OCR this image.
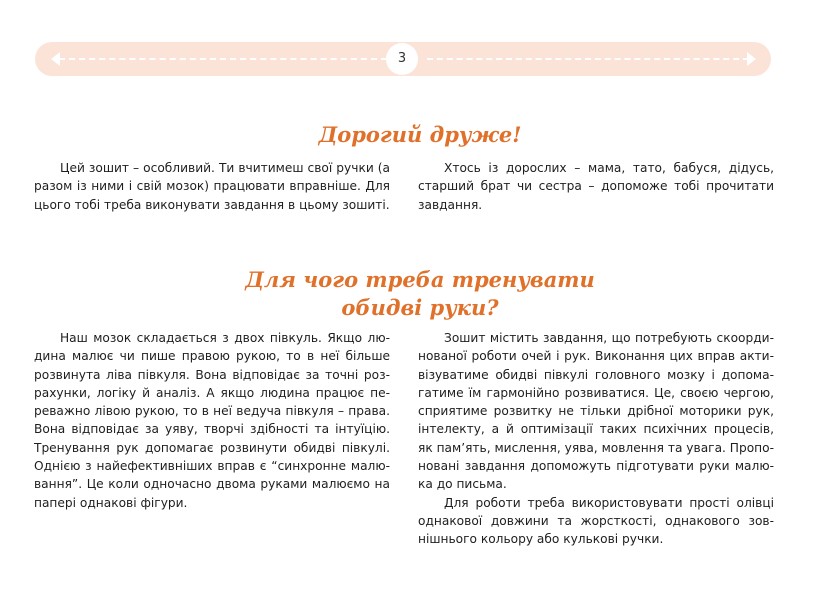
3
Дорогий друже!

Цей зошит – особливий. Ти вчитимеш свої ручки (а разом із ними і свій мозок) працювати вправніше. Для цього тобі треба виконувати завдання в цьому зошиті.

Хтось із дорослих – мама, тато, бабуся, дідусь, старший брат чи сестра – допоможе тобі прочитати завдання.

Для чого треба тренувати
обидві руки?

Наш мозок складається з двох півкуль. Якщо людина малює чи пише правою рукою, то в неї більше розвинута ліва півкуля. Вона відповідає за точні розрахунки, логіку й аналіз. А якщо людина працює переважно лівою рукою, то в неї ведуча півкуля – права. Вона відповідає за уяву, творчі здібності та інтуїцію. Тренування рук допомагає розвинути обидві півкулі. Однією з найефективніших вправ є “синхронне малювання”. Це коли одночасно двома руками малюємо на папері однакові фігури.

Зошит містить завдання, що потребують скоординованої роботи очей і рук. Виконання цих вправ активізуватиме обидві півкулі головного мозку і допомагатиме їм гармонійно розвиватися. Це, своєю чергою, сприятиме розвитку не тільки дрібної моторики рук, інтелекту, а й оптимізації таких психічних процесів, як пам’ять, мислення, уява, мовлення та увага. Пропоновані завдання допоможуть підготувати руки малюка до письма.

Для роботи треба використовувати прості олівці однакової довжини та жорсткості, однакового зовнішнього кольору або кулькові ручки.
